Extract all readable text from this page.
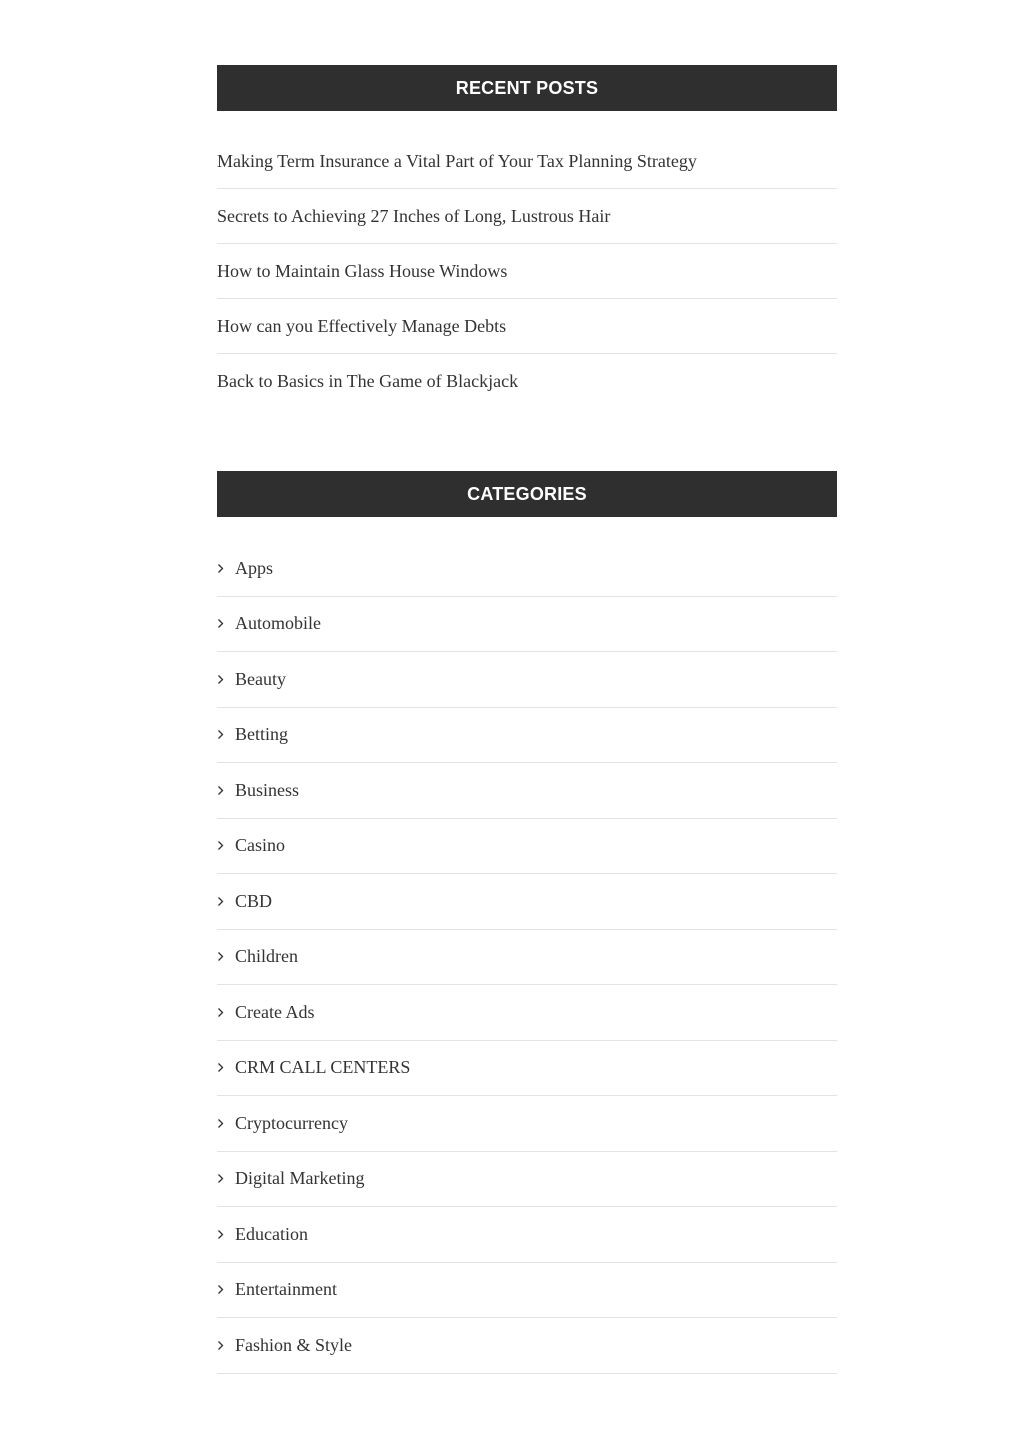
RECENT POSTS
Making Term Insurance a Vital Part of Your Tax Planning Strategy
Secrets to Achieving 27 Inches of Long, Lustrous Hair
How to Maintain Glass House Windows
How can you Effectively Manage Debts
Back to Basics in The Game of Blackjack
CATEGORIES
Apps
Automobile
Beauty
Betting
Business
Casino
CBD
Children
Create Ads
CRM CALL CENTERS
Cryptocurrency
Digital Marketing
Education
Entertainment
Fashion & Style
